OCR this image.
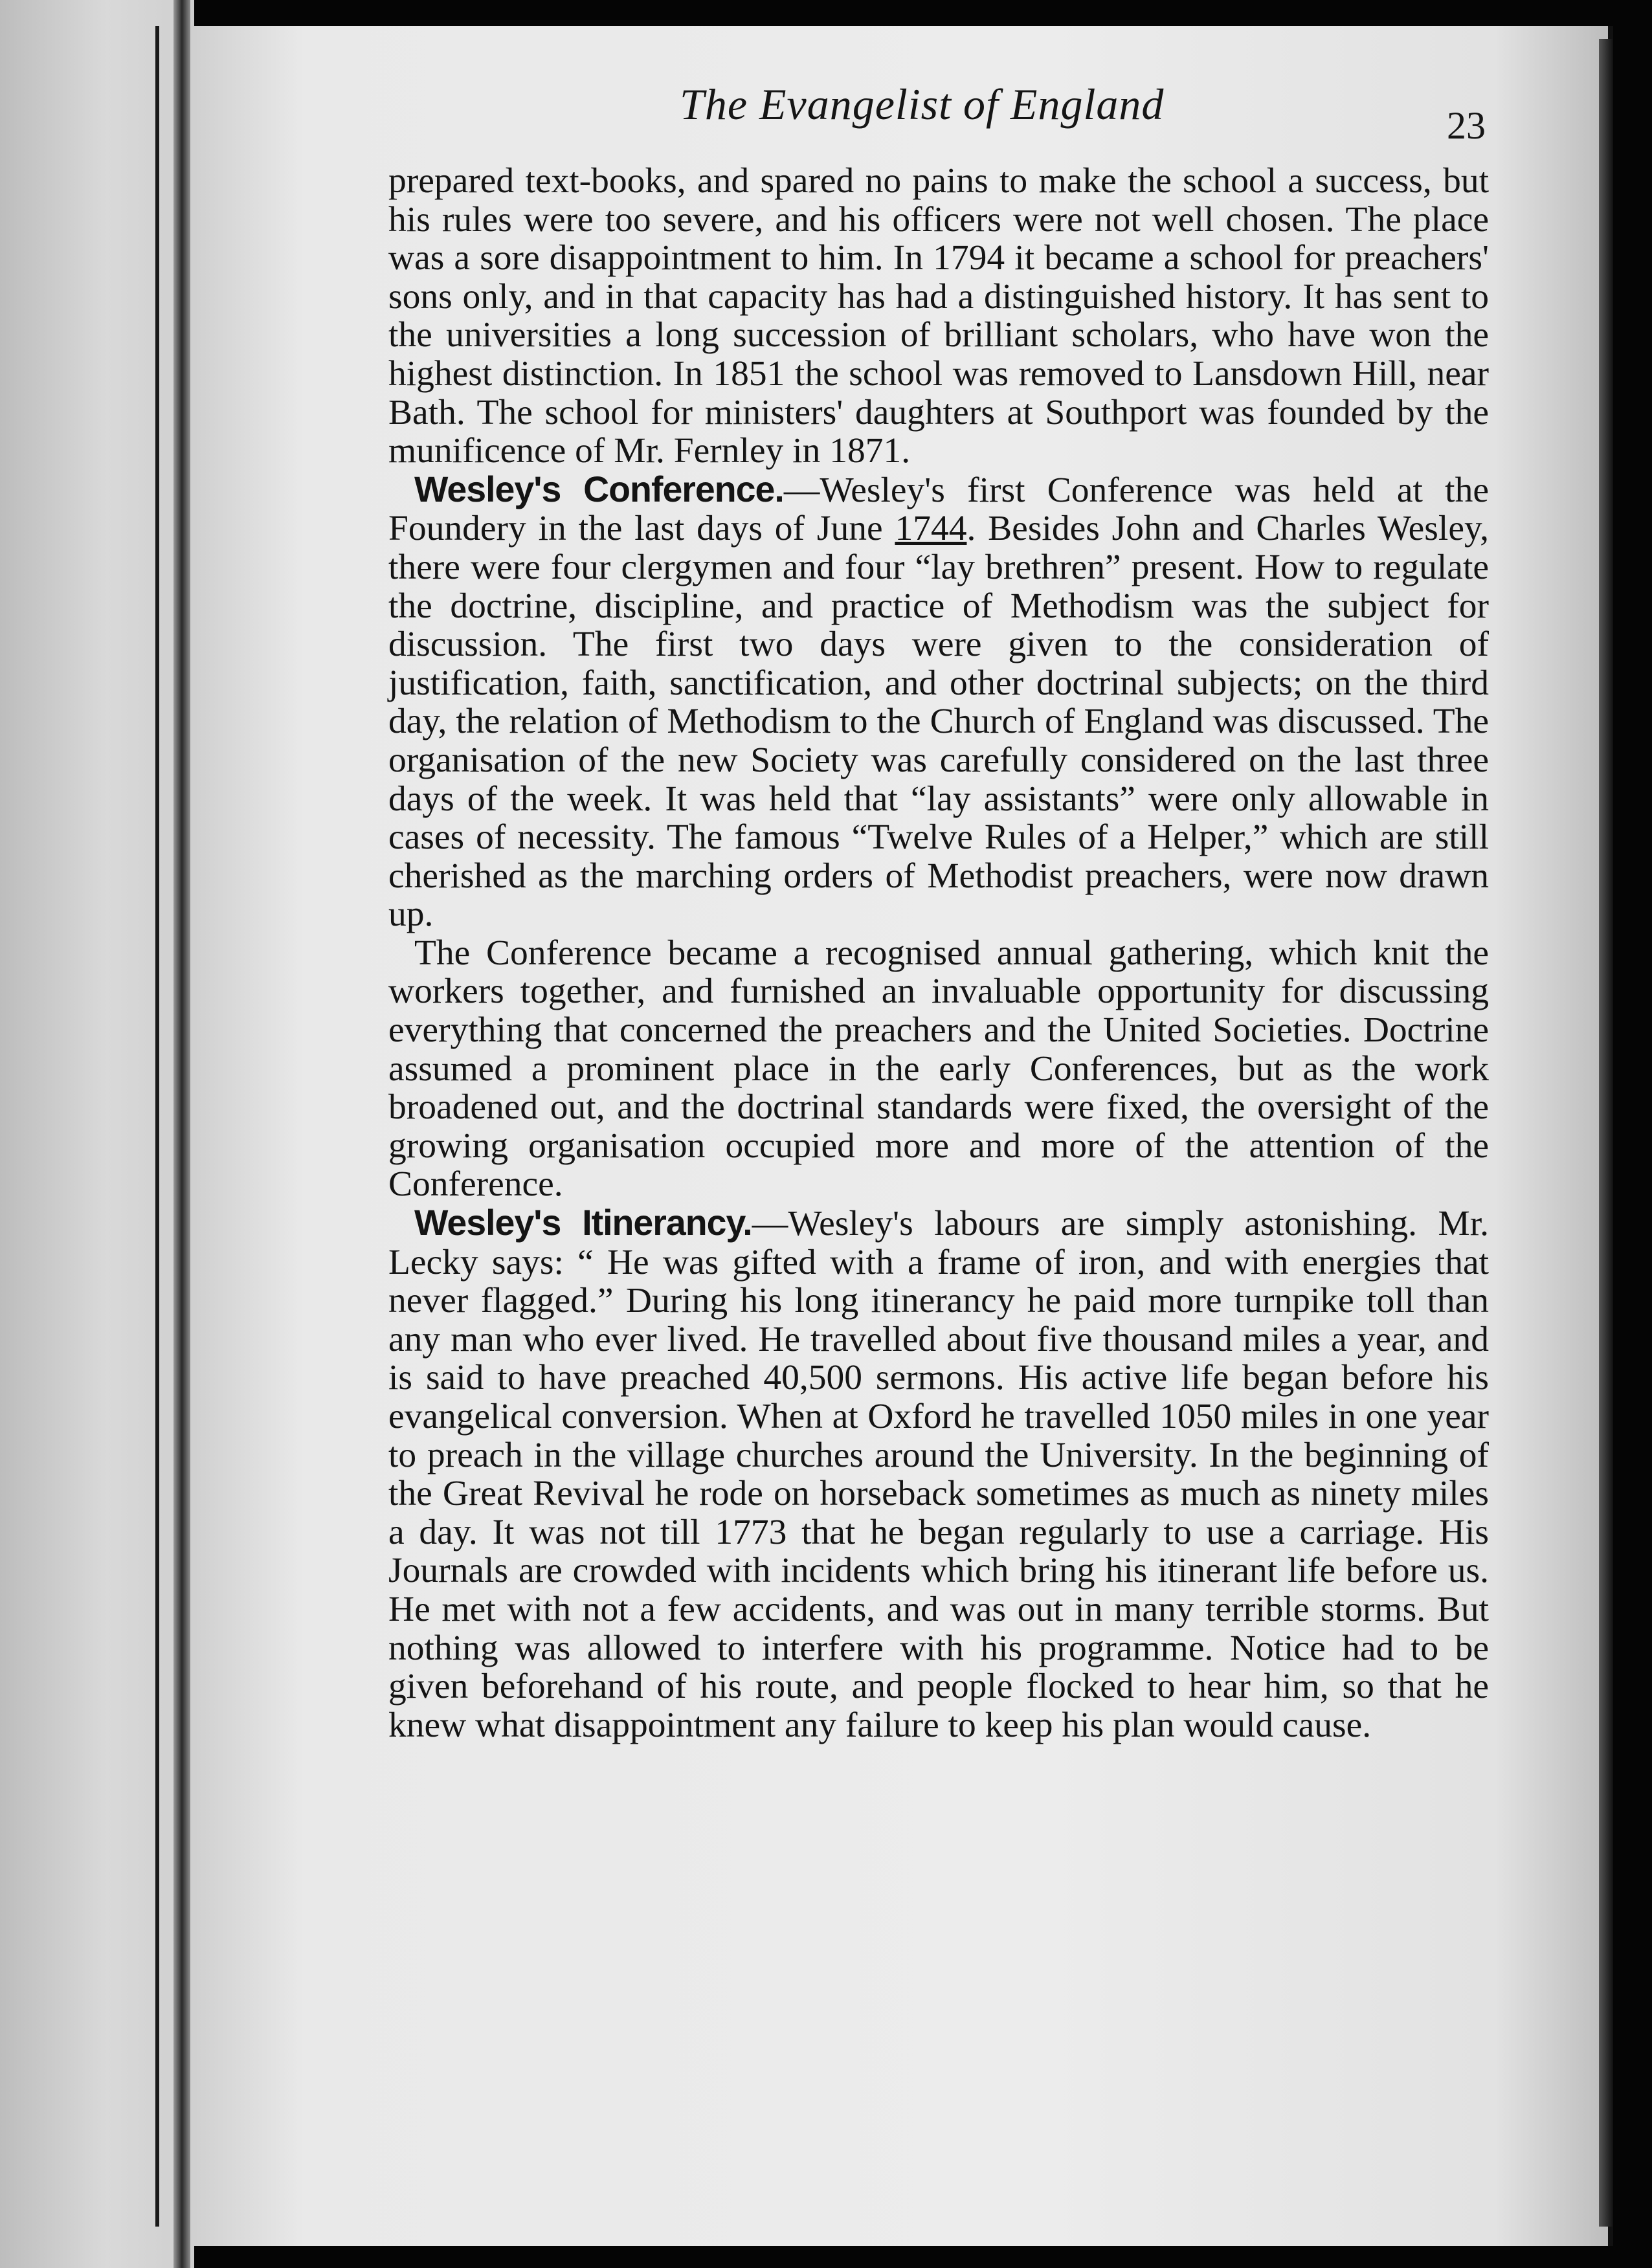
The Evangelist of England	23

prepared text-books, and spared no pains to make the school a success, but his rules were too severe, and his officers were not well chosen. The place was a sore disappointment to him. In 1794 it became a school for preachers' sons only, and in that capacity has had a distinguished history. It has sent to the universities a long succession of brilliant scholars, who have won the highest distinction. In 1851 the school was removed to Lansdown Hill, near Bath. The school for ministers' daughters at Southport was founded by the munificence of Mr. Fernley in 1871.

Wesley's Conference.—Wesley's first Conference was held at the Foundery in the last days of June 1744. Besides John and Charles Wesley, there were four clergymen and four “lay brethren” present. How to regulate the doctrine, discipline, and practice of Methodism was the subject for discussion. The first two days were given to the consideration of justification, faith, sanctification, and other doctrinal subjects; on the third day, the relation of Methodism to the Church of England was discussed. The organisation of the new Society was carefully considered on the last three days of the week. It was held that “lay assistants” were only allowable in cases of necessity. The famous “Twelve Rules of a Helper,” which are still cherished as the marching orders of Methodist preachers, were now drawn up.

The Conference became a recognised annual gathering, which knit the workers together, and furnished an invaluable opportunity for discussing everything that concerned the preachers and the United Societies. Doctrine assumed a prominent place in the early Conferences, but as the work broadened out, and the doctrinal standards were fixed, the oversight of the growing organisation occupied more and more of the attention of the Conference.

Wesley's Itinerancy.—Wesley's labours are simply astonishing. Mr. Lecky says: “ He was gifted with a frame of iron, and with energies that never flagged.” During his long itinerancy he paid more turnpike toll than any man who ever lived. He travelled about five thousand miles a year, and is said to have preached 40,500 sermons. His active life began before his evangelical conversion. When at Oxford he travelled 1050 miles in one year to preach in the village churches around the University. In the beginning of the Great Revival he rode on horseback sometimes as much as ninety miles a day. It was not till 1773 that he began regularly to use a carriage. His Journals are crowded with incidents which bring his itinerant life before us. He met with not a few accidents, and was out in many terrible storms. But nothing was allowed to interfere with his programme. Notice had to be given beforehand of his route, and people flocked to hear him, so that he knew what disappointment any failure to keep his plan would cause.
